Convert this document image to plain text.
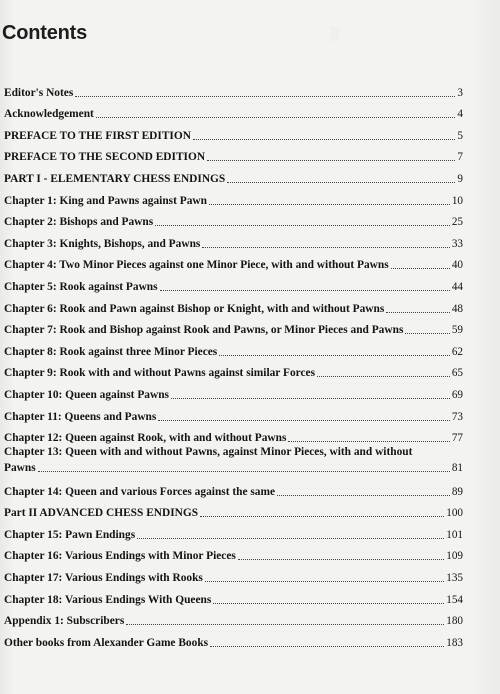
░
Contents
Editor's Notes	3
Acknowledgement	4
PREFACE TO THE FIRST EDITION	5
PREFACE TO THE SECOND EDITION	7
PART I - ELEMENTARY CHESS ENDINGS	9
Chapter 1: King and Pawns against Pawn	10
Chapter 2: Bishops and Pawns	25
Chapter 3: Knights, Bishops, and Pawns	33
Chapter 4: Two Minor Pieces against one Minor Piece, with and without Pawns	40
Chapter 5: Rook against Pawns	44
Chapter 6: Rook and Pawn against Bishop or Knight, with and without Pawns	48
Chapter 7: Rook and Bishop against Rook and Pawns, or Minor Pieces and Pawns	59
Chapter 8: Rook against three Minor Pieces	62
Chapter 9: Rook with and without Pawns against similar Forces	65
Chapter 10: Queen against Pawns	69
Chapter 11: Queens and Pawns	73
Chapter 12: Queen against Rook, with and without Pawns	77
Chapter 13: Queen with and without Pawns, against Minor Pieces, with and without
Pawns	81
Chapter 14: Queen and various Forces against the same	89
Part II ADVANCED CHESS ENDINGS	100
Chapter 15: Pawn Endings	101
Chapter 16: Various Endings with Minor Pieces	109
Chapter 17: Various Endings with Rooks	135
Chapter 18: Various Endings With Queens	154
Appendix 1: Subscribers	180
Other books from Alexander Game Books	183
